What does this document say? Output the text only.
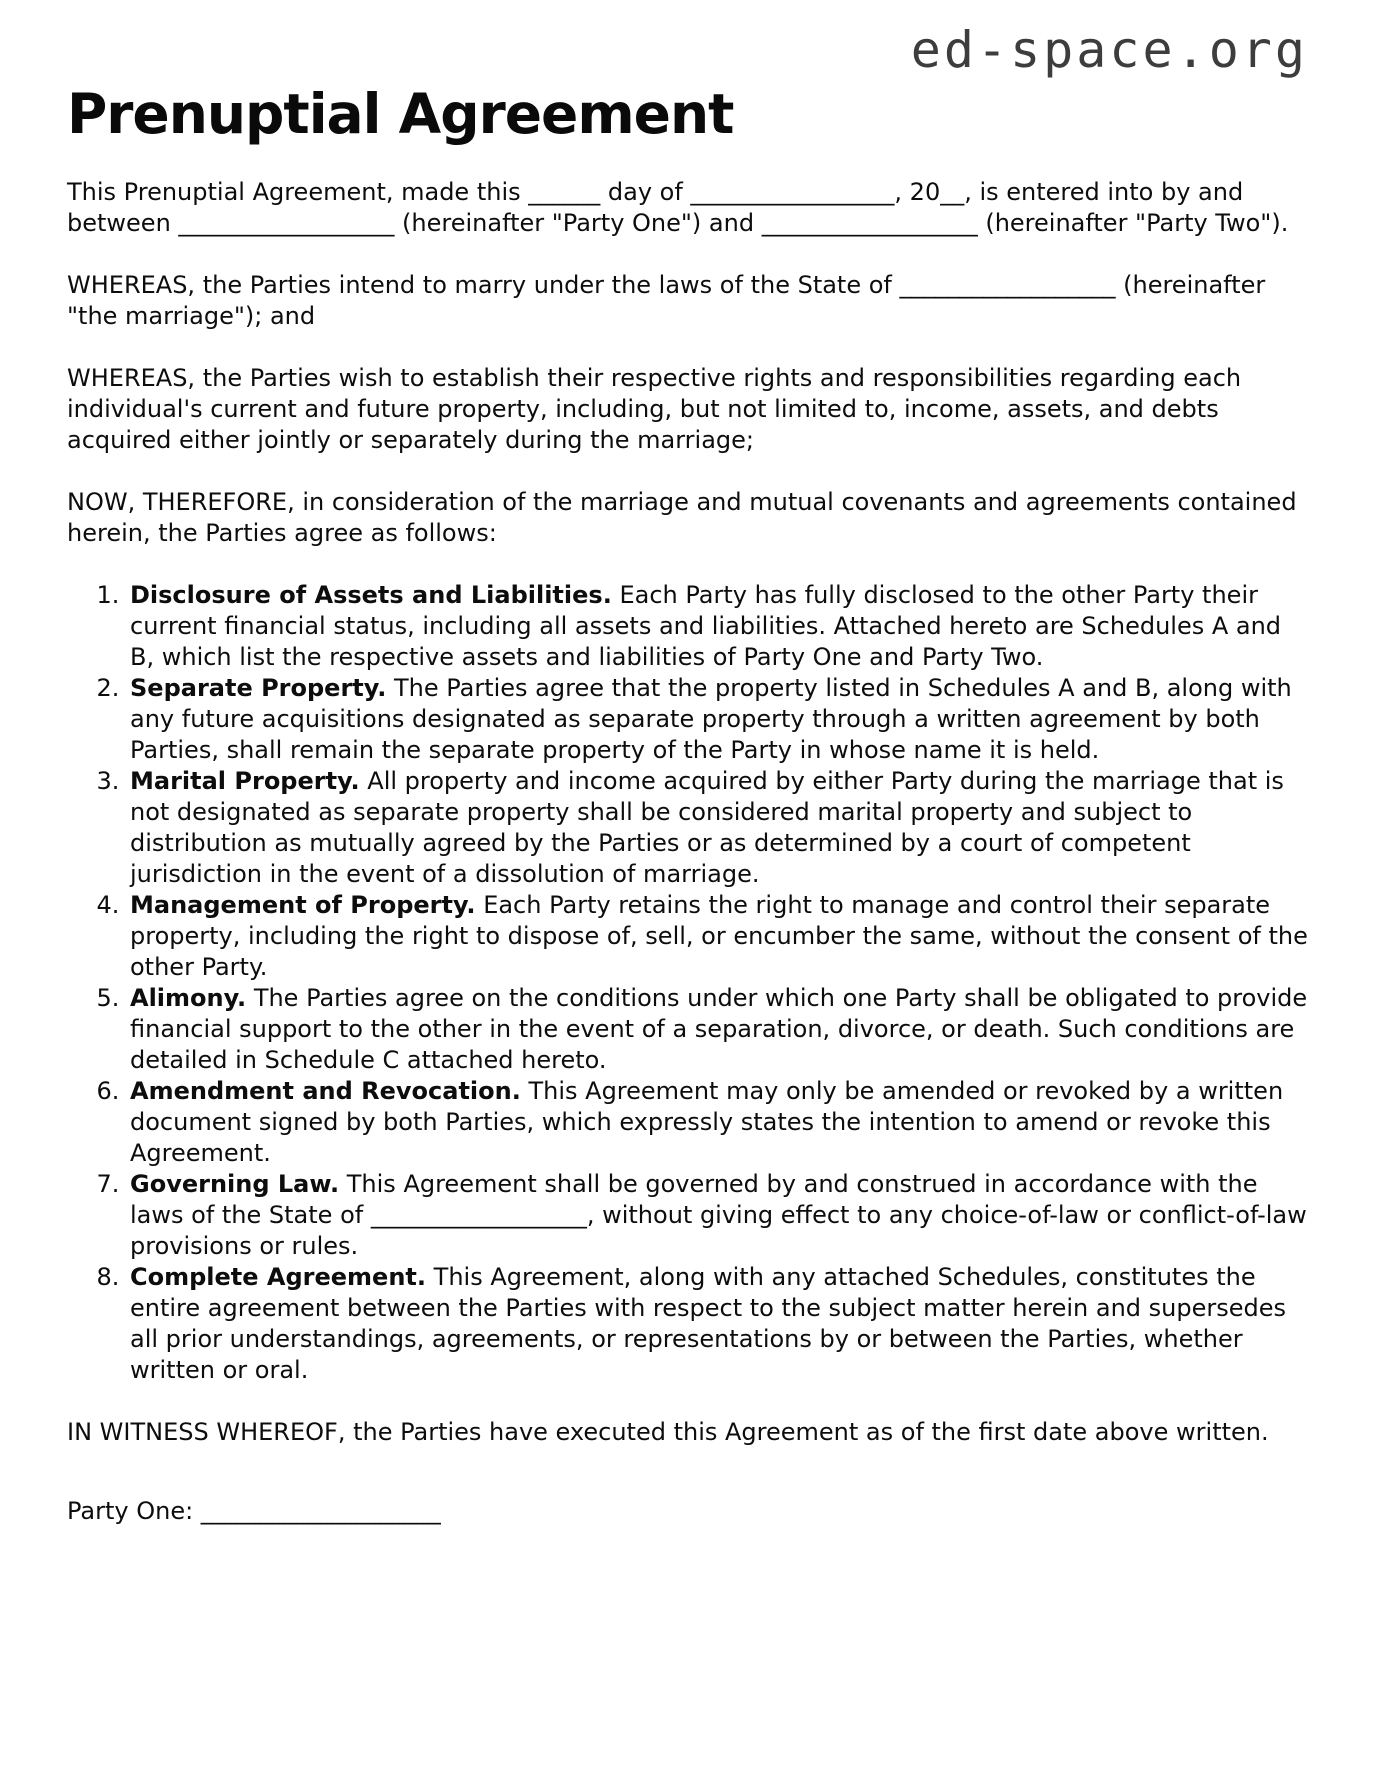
ed-space.org
Prenuptial Agreement

This Prenuptial Agreement, made this ______ day of _________________, 20__, is entered into by and between __________________ (hereinafter "Party One") and __________________ (hereinafter "Party Two").

WHEREAS, the Parties intend to marry under the laws of the State of __________________ (hereinafter "the marriage"); and

WHEREAS, the Parties wish to establish their respective rights and responsibilities regarding each individual's current and future property, including, but not limited to, income, assets, and debts acquired either jointly or separately during the marriage;

NOW, THEREFORE, in consideration of the marriage and mutual covenants and agreements contained herein, the Parties agree as follows:

1. Disclosure of Assets and Liabilities. Each Party has fully disclosed to the other Party their current financial status, including all assets and liabilities. Attached hereto are Schedules A and B, which list the respective assets and liabilities of Party One and Party Two.
2. Separate Property. The Parties agree that the property listed in Schedules A and B, along with any future acquisitions designated as separate property through a written agreement by both Parties, shall remain the separate property of the Party in whose name it is held.
3. Marital Property. All property and income acquired by either Party during the marriage that is not designated as separate property shall be considered marital property and subject to distribution as mutually agreed by the Parties or as determined by a court of competent jurisdiction in the event of a dissolution of marriage.
4. Management of Property. Each Party retains the right to manage and control their separate property, including the right to dispose of, sell, or encumber the same, without the consent of the other Party.
5. Alimony. The Parties agree on the conditions under which one Party shall be obligated to provide financial support to the other in the event of a separation, divorce, or death. Such conditions are detailed in Schedule C attached hereto.
6. Amendment and Revocation. This Agreement may only be amended or revoked by a written document signed by both Parties, which expressly states the intention to amend or revoke this Agreement.
7. Governing Law. This Agreement shall be governed by and construed in accordance with the laws of the State of __________________, without giving effect to any choice-of-law or conflict-of-law provisions or rules.
8. Complete Agreement. This Agreement, along with any attached Schedules, constitutes the entire agreement between the Parties with respect to the subject matter herein and supersedes all prior understandings, agreements, or representations by or between the Parties, whether written or oral.

IN WITNESS WHEREOF, the Parties have executed this Agreement as of the first date above written.

Party One: ____________________
